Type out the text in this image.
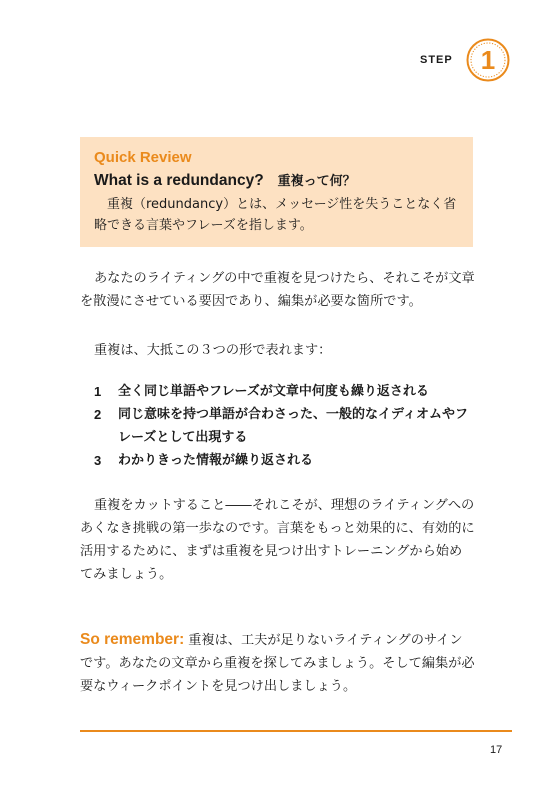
STEP	1

Quick Review

What is a redundancy? 重複って何？

重複（redundancy）とは、メッセージ性を失うことなく省略できる言葉やフレーズを指します。

あなたのライティングの中で重複を見つけたら、それこそが文章を散漫にさせている要因であり、編集が必要な箇所です。

重複は、大抵この３つの形で表れます：

1	全く同じ単語やフレーズが文章中何度も繰り返される
2	同じ意味を持つ単語が合わさった、一般的なイディオムやフレーズとして出現する
3	わかりきった情報が繰り返される

重複をカットすること――それこそが、理想のライティングへのあくなき挑戦の第一歩なのです。言葉をもっと効果的に、有効的に活用するために、まずは重複を見つけ出すトレーニングから始めてみましょう。

So remember: 重複は、工夫が足りないライティングのサインです。あなたの文章から重複を探してみましょう。そして編集が必要なウィークポイントを見つけ出しましょう。

17
